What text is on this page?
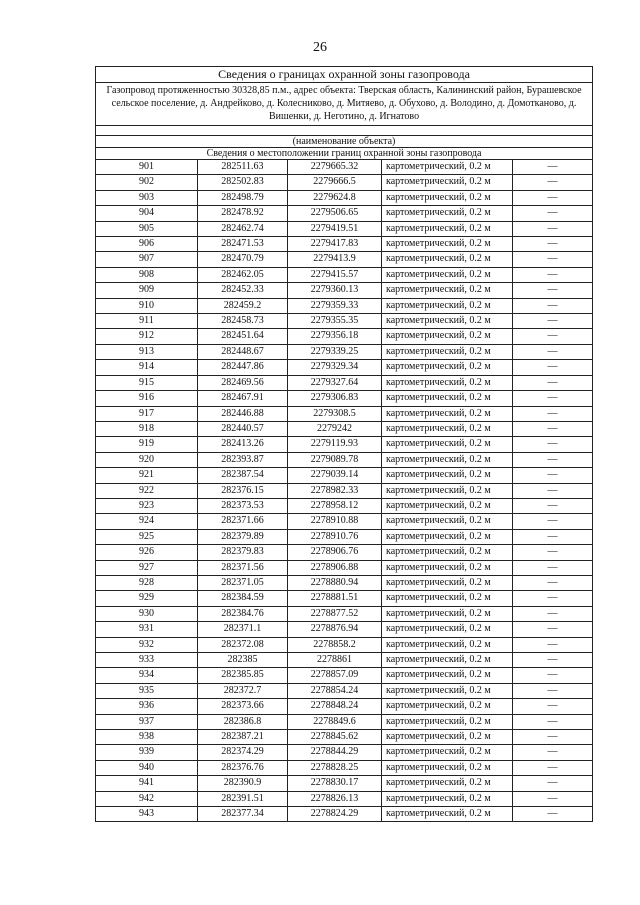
26
Сведения о границах охранной зоны газопровода				
Газопровод протяженностью 30328,85 п.м., адрес объекта: Тверская область, Калининский район, Бурашевское сельское поселение, д. Андрейково, д. Колесниково, д. Митяево, д. Обухово, д. Володино, д. Домотканово, д. Вишенки, д. Неготино, д. Игнатово				

(наименование объекта)				
Сведения о местоположении границ охранной зоны газопровода				
901	282511.63	2279665.32	картометрический, 0.2 м	—
902	282502.83	2279666.5	картометрический, 0.2 м	—
903	282498.79	2279624.8	картометрический, 0.2 м	—
904	282478.92	2279506.65	картометрический, 0.2 м	—
905	282462.74	2279419.51	картометрический, 0.2 м	—
906	282471.53	2279417.83	картометрический, 0.2 м	—
907	282470.79	2279413.9	картометрический, 0.2 м	—
908	282462.05	2279415.57	картометрический, 0.2 м	—
909	282452.33	2279360.13	картометрический, 0.2 м	—
910	282459.2	2279359.33	картометрический, 0.2 м	—
911	282458.73	2279355.35	картометрический, 0.2 м	—
912	282451.64	2279356.18	картометрический, 0.2 м	—
913	282448.67	2279339.25	картометрический, 0.2 м	—
914	282447.86	2279329.34	картометрический, 0.2 м	—
915	282469.56	2279327.64	картометрический, 0.2 м	—
916	282467.91	2279306.83	картометрический, 0.2 м	—
917	282446.88	2279308.5	картометрический, 0.2 м	—
918	282440.57	2279242	картометрический, 0.2 м	—
919	282413.26	2279119.93	картометрический, 0.2 м	—
920	282393.87	2279089.78	картометрический, 0.2 м	—
921	282387.54	2279039.14	картометрический, 0.2 м	—
922	282376.15	2278982.33	картометрический, 0.2 м	—
923	282373.53	2278958.12	картометрический, 0.2 м	—
924	282371.66	2278910.88	картометрический, 0.2 м	—
925	282379.89	2278910.76	картометрический, 0.2 м	—
926	282379.83	2278906.76	картометрический, 0.2 м	—
927	282371.56	2278906.88	картометрический, 0.2 м	—
928	282371.05	2278880.94	картометрический, 0.2 м	—
929	282384.59	2278881.51	картометрический, 0.2 м	—
930	282384.76	2278877.52	картометрический, 0.2 м	—
931	282371.1	2278876.94	картометрический, 0.2 м	—
932	282372.08	2278858.2	картометрический, 0.2 м	—
933	282385	2278861	картометрический, 0.2 м	—
934	282385.85	2278857.09	картометрический, 0.2 м	—
935	282372.7	2278854.24	картометрический, 0.2 м	—
936	282373.66	2278848.24	картометрический, 0.2 м	—
937	282386.8	2278849.6	картометрический, 0.2 м	—
938	282387.21	2278845.62	картометрический, 0.2 м	—
939	282374.29	2278844.29	картометрический, 0.2 м	—
940	282376.76	2278828.25	картометрический, 0.2 м	—
941	282390.9	2278830.17	картометрический, 0.2 м	—
942	282391.51	2278826.13	картометрический, 0.2 м	—
943	282377.34	2278824.29	картометрический, 0.2 м	—
